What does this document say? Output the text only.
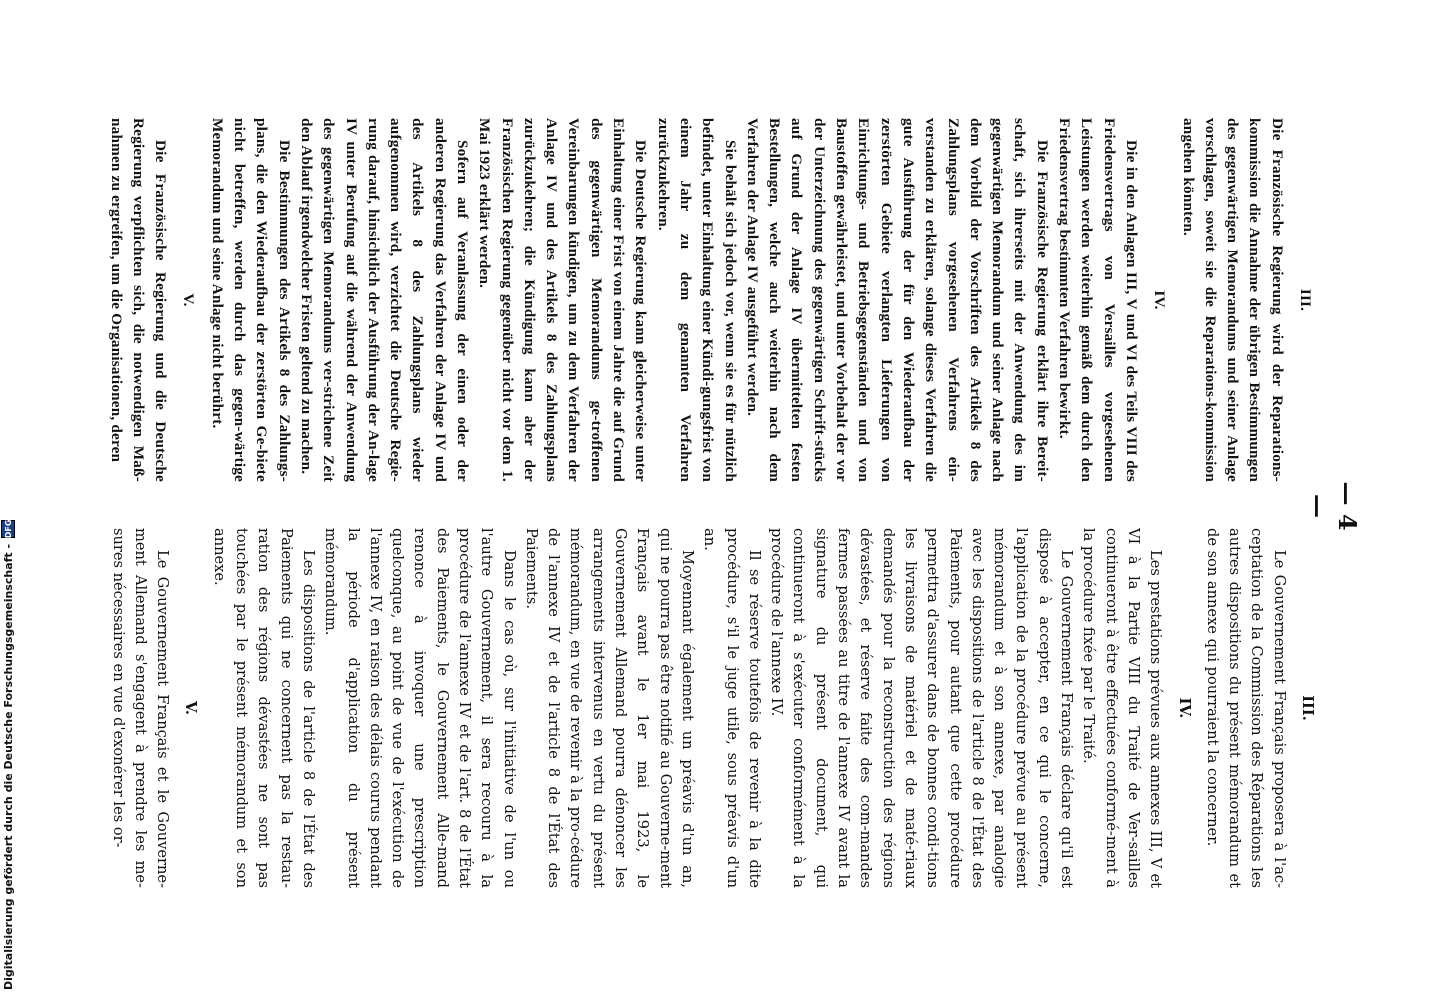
— 4 —
III.

Die Französische Regierung wird der Reparations-kommission die Annahme der übrigen Bestimmungen des gegenwärtigen Memorandums und seiner Anlage vorschlagen, soweit sie die Reparations-kommission angehen könnten.

IV.

Die in den Anlagen III, V und VI des Teils VIII des Friedensvertrags von Versailles vorgesehenen Leistungen werden weiterhin gemäß dem durch den Friedensvertrag bestimmten Verfahren bewirkt.

Die Französische Regierung erklärt ihre Bereit-schaft, sich ihrerseits mit der Anwendung des im gegenwärtigen Memorandum und seiner Anlage nach dem Vorbild der Vorschriften des Artikels 8 des Zahlungsplans vorgesehenen Verfahrens ein-verstanden zu erklären, solange dieses Verfahren die gute Ausführung der für den Wiederaufbau der zerstörten Gebiete verlangten Lieferungen von Einrichtungs- und Betriebsgegenständen und von Baustoffen gewährleistet, und unter Vorbehalt der vor der Unterzeichnung des gegenwärtigen Schrift-stücks auf Grund der Anlage IV übermittelten festen Bestellungen, welche auch weiterhin nach dem Verfahren der Anlage IV ausgeführt werden.

Sie behält sich jedoch vor, wenn sie es für nützlich befindet, unter Einhaltung einer Kündi-gungsfrist von einem Jahr zu dem genannten Verfahren zurückzukehren.

Die Deutsche Regierung kann gleicherweise unter Einhaltung einer Frist von einem Jahre die auf Grund des gegenwärtigen Memorandums ge-troffenen Vereinbarungen kündigen, um zu dem Verfahren der Anlage IV und des Artikels 8 des Zahlungsplans zurückzukehren; die Kündigung kann aber der Französischen Regierung gegenüber nicht vor dem 1. Mai 1923 erklärt werden.

Sofern auf Veranlassung der einen oder der anderen Regierung das Verfahren der Anlage IV und des Artikels 8 des Zahlungsplans wieder aufgenommen wird, verzichtet die Deutsche Regie-rung darauf, hinsichtlich der Ausführung der An-lage IV unter Berufung auf die während der Anwendung des gegenwärtigen Memorandums ver-strichene Zeit den Ablauf irgendwelcher Fristen geltend zu machen.

Die Bestimmungen des Artikels 8 des Zahlungs-plans, die den Wiederaufbau der zerstörten Ge-biete nicht betreffen, werden durch das gegen-wärtige Memorandum und seine Anlage nicht berührt.

V.

Die Französische Regierung und die Deutsche Regierung verpflichten sich, die notwendigen Maß-nahmen zu ergreifen, um die Organisationen, deren

III.

Le Gouvernement Français proposera à l'ac-ceptation de la Commission des Réparations les autres dispositions du présent mémorandum et de son annexe qui pourraient la concerner.

IV.

Les prestations prévues aux annexes III, V et VI à la Partie VIII du Traité de Ver-sailles continueront à être effectuées conformé-ment à la procédure fixée par le Traité.

Le Gouvernement Français déclare qu'il est disposé à accepter, en ce qui le concerne, l'application de la procédure prévue au présent mémorandum et à son annexe, par analogie avec les dispositions de l'article 8 de l'État des Paiements, pour autant que cette procédure permettra d'assurer dans de bonnes condi-tions les livraisons de matériel et de maté-riaux demandés pour la reconstruction des régions dévastées, et réserve faite des com-mandes fermes passées au titre de l'annexe IV avant la signature du présent document, qui continueront à s'exécuter conformément à la procédure de l'annexe IV.

Il se réserve toutefois de revenir à la dite procédure, s'il le juge utile, sous préavis d'un an.

Moyennant également un préavis d'un an, qui ne pourra pas être notifié au Gouverne-ment Français avant le 1er mai 1923, le Gouvernement Allemand pourra dénoncer les arrangements intervenus en vertu du présent mémorandum, en vue de revenir à la pro-cédure de l'annexe IV et de l'article 8 de l'État des Paiements.

Dans le cas où, sur l'initiative de l'un ou l'autre Gouvernement, il sera recouru à la procédure de l'annexe IV et de l'art. 8 de l'État des Paiements, le Gouvernement Alle-mand renonce à invoquer une prescription quelconque, au point de vue de l'exécution de l'annexe IV, en raison des délais courus pendant la période d'application du présent mémorandum.

Les dispositions de l'article 8 de l'État des Paiements qui ne concernent pas la restau-ration des régions dévastées ne sont pas touchées par le présent mémorandum et son annexe.

V.

Le Gouvernement Français et le Gouverne-ment Allemand s'engagent à prendre les me-sures nécessaires en vue d'exonérer les or-

Digitalisierung gefördert durch die Deutsche Forschungsgemeinschaft -
DFG
